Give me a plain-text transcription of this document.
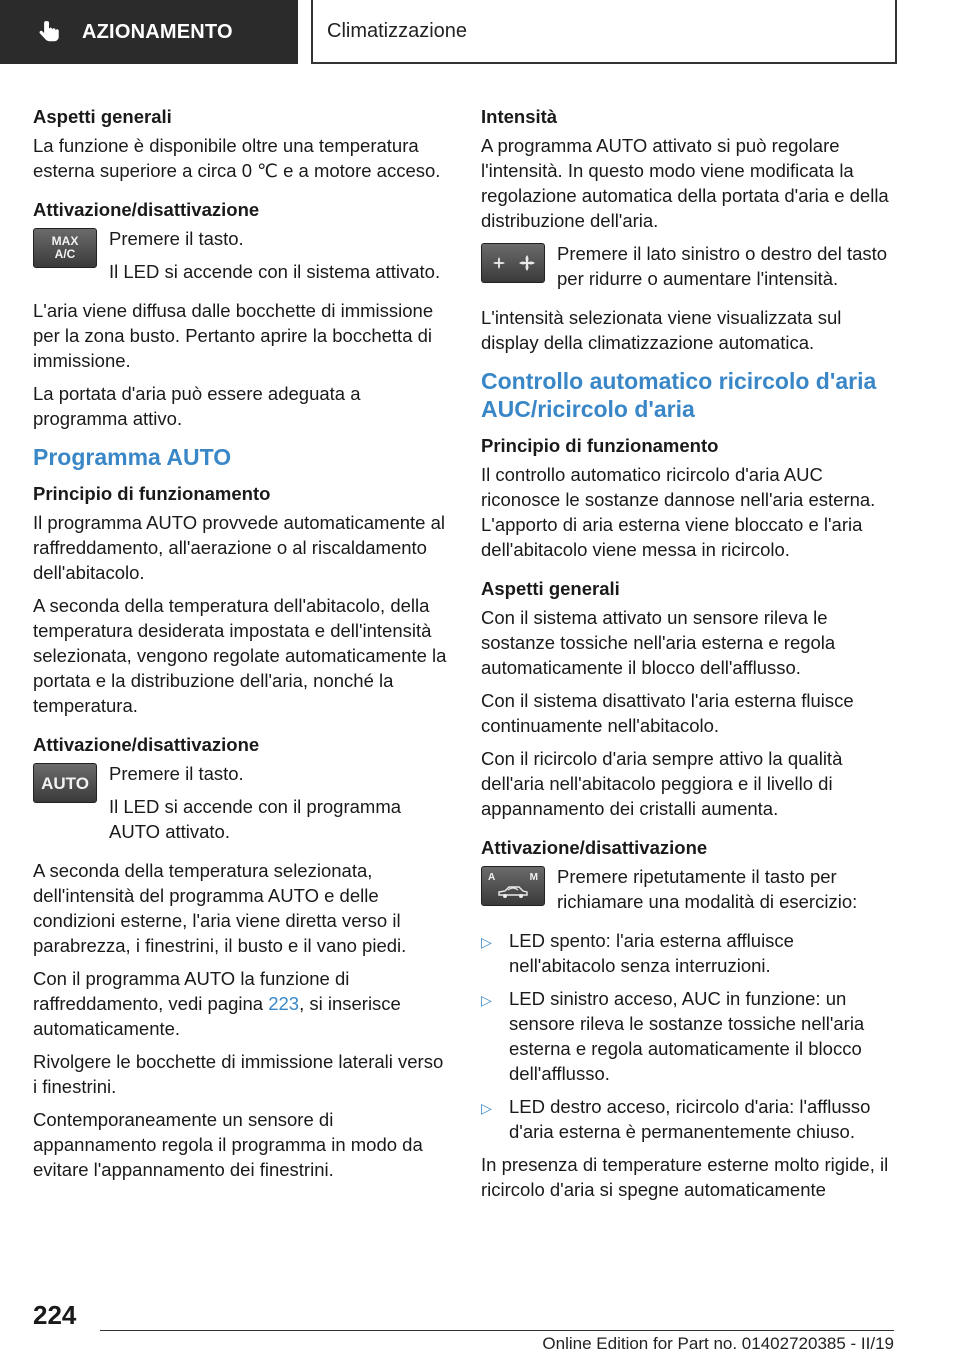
AZIONAMENTO	Climatizzazione
Aspetti generali

La funzione è disponibile oltre una temperatura esterna superiore a circa 0 ℃ e a motore acceso.

Attivazione/disattivazione
MAX
A/C

Premere il tasto.

Il LED si accende con il sistema attivato.

L'aria viene diffusa dalle bocchette di immissione per la zona busto. Pertanto aprire la bocchetta di immissione.

La portata d'aria può essere adeguata a programma attivo.

Programma AUTO
Principio di funzionamento

Il programma AUTO provvede automaticamente al raffreddamento, all'aerazione o al riscaldamento dell'abitacolo.

A seconda della temperatura dell'abitacolo, della temperatura desiderata impostata e dell'intensità selezionata, vengono regolate automaticamente la portata e la distribuzione dell'aria, nonché la temperatura.

Attivazione/disattivazione
AUTO	Premere il tasto.

Il LED si accende con il programma AUTO attivato.

A seconda della temperatura selezionata, dell'intensità del programma AUTO e delle condizioni esterne, l'aria viene diretta verso il parabrezza, i finestrini, il busto e il vano piedi.

Con il programma AUTO la funzione di raffreddamento, vedi pagina 223, si inserisce automaticamente.

Rivolgere le bocchette di immissione laterali verso i finestrini.

Contemporaneamente un sensore di appannamento regola il programma in modo da evitare l'appannamento dei finestrini.

Intensità

A programma AUTO attivato si può regolare l'intensità. In questo modo viene modificata la regolazione automatica della portata d'aria e della distribuzione dell'aria.

Premere il lato sinistro o destro del tasto per ridurre o aumentare l'intensità.

L'intensità selezionata viene visualizzata sul display della climatizzazione automatica.

Controllo automatico ricircolo d'aria AUC/ricircolo d'aria
Principio di funzionamento

Il controllo automatico ricircolo d'aria AUC riconosce le sostanze dannose nell'aria esterna. L'apporto di aria esterna viene bloccato e l'aria dell'abitacolo viene messa in ricircolo.

Aspetti generali

Con il sistema attivato un sensore rileva le sostanze tossiche nell'aria esterna e regola automaticamente il blocco dell'afflusso.

Con il sistema disattivato l'aria esterna fluisce continuamente nell'abitacolo.

Con il ricircolo d'aria sempre attivo la qualità dell'aria nell'abitacolo peggiora e il livello di appannamento dei cristalli aumenta.

Attivazione/disattivazione
A	M Premere ripetutamente il tasto per richiamare una modalità di esercizio:

▷ LED spento: l'aria esterna affluisce nell'abitacolo senza interruzioni.
▷ LED sinistro acceso, AUC in funzione: un sensore rileva le sostanze tossiche nell'aria esterna e regola automaticamente il blocco dell'afflusso.
▷ LED destro acceso, ricircolo d'aria: l'afflusso d'aria esterna è permanentemente chiuso.

In presenza di temperature esterne molto rigide, il ricircolo d'aria si spegne automaticamente

224
Online Edition for Part no. 01402720385 - II/19
